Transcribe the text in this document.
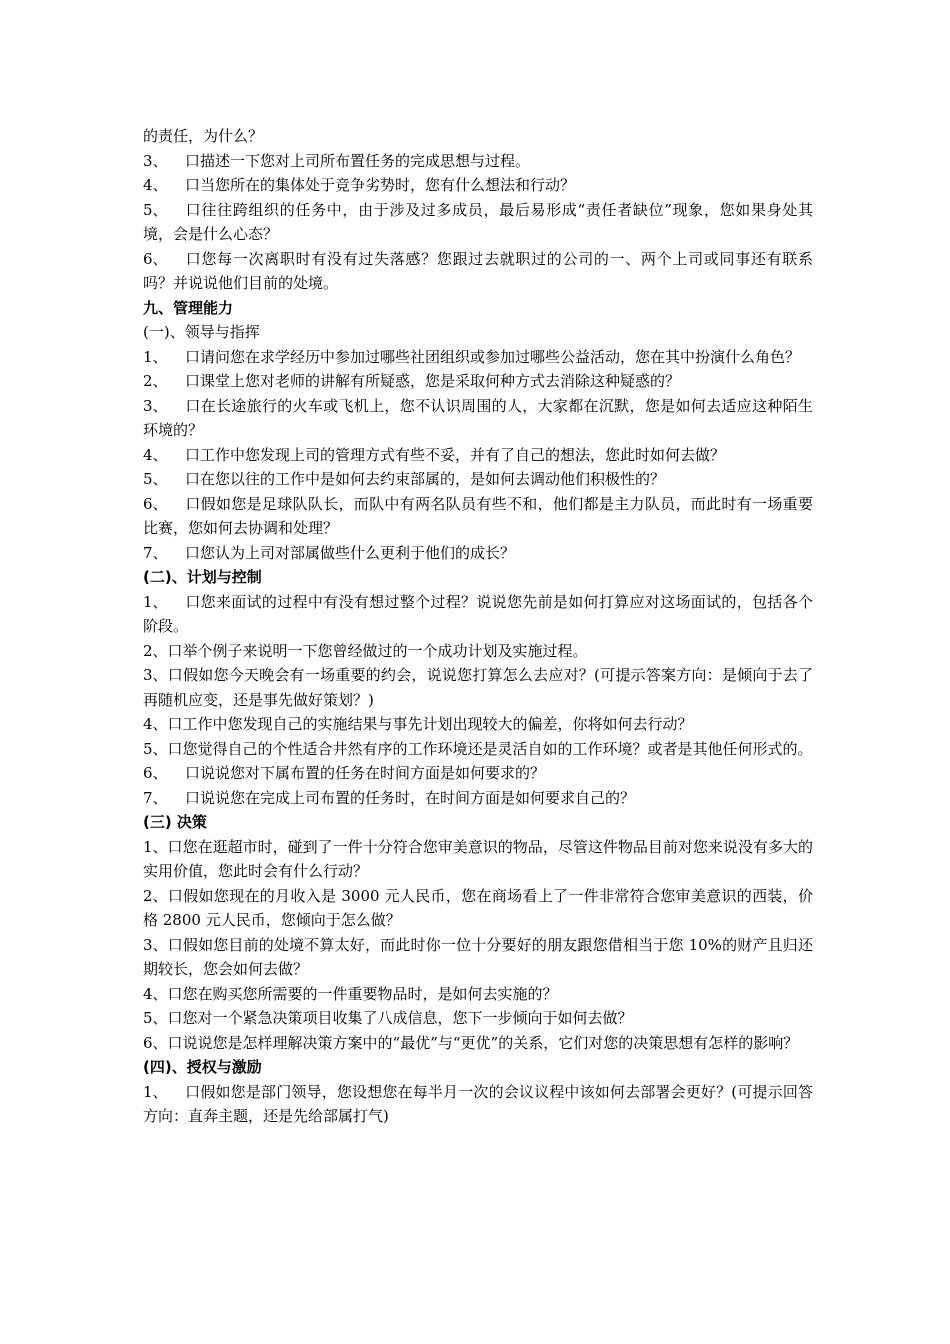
的责任，为什么？
3、 口描述一下您对上司所布置任务的完成思想与过程。
4、 口当您所在的集体处于竞争劣势时，您有什么想法和行动？
5、 口往往跨组织的任务中，由于涉及过多成员，最后易形成“责任者缺位”现象，您如果身处其境，会是什么心态？
6、 口您每一次离职时有没有过失落感？您跟过去就职过的公司的一、两个上司或同事还有联系吗？并说说他们目前的处境。
九、管理能力
(一)、领导与指挥
1、 口请问您在求学经历中参加过哪些社团组织或参加过哪些公益活动，您在其中扮演什么角色？
2、 口课堂上您对老师的讲解有所疑惑，您是采取何种方式去消除这种疑惑的？
3、 口在长途旅行的火车或飞机上，您不认识周围的人，大家都在沉默，您是如何去适应这种陌生环境的？
4、 口工作中您发现上司的管理方式有些不妥，并有了自己的想法，您此时如何去做？
5、 口在您以往的工作中是如何去约束部属的，是如何去调动他们积极性的？
6、 口假如您是足球队队长，而队中有两名队员有些不和，他们都是主力队员，而此时有一场重要比赛，您如何去协调和处理？
7、 口您认为上司对部属做些什么更利于他们的成长？
(二)、计划与控制
1、 口您来面试的过程中有没有想过整个过程？说说您先前是如何打算应对这场面试的，包括各个阶段。
2、口举个例子来说明一下您曾经做过的一个成功计划及实施过程。
3、口假如您今天晚会有一场重要的约会，说说您打算怎么去应对？(可提示答案方向：是倾向于去了再随机应变，还是事先做好策划？)
4、口工作中您发现自己的实施结果与事先计划出现较大的偏差，你将如何去行动？
5、口您觉得自己的个性适合井然有序的工作环境还是灵活自如的工作环境？或者是其他任何形式的。
6、 口说说您对下属布置的任务在时间方面是如何要求的？
7、 口说说您在完成上司布置的任务时，在时间方面是如何要求自己的？
(三) 决策
1、口您在逛超市时，碰到了一件十分符合您审美意识的物品，尽管这件物品目前对您来说没有多大的实用价值，您此时会有什么行动？
2、口假如您现在的月收入是 3000 元人民币，您在商场看上了一件非常符合您审美意识的西装，价格 2800 元人民币，您倾向于怎么做？
3、口假如您目前的处境不算太好，而此时你一位十分要好的朋友跟您借相当于您 10%的财产且归还期较长，您会如何去做？
4、口您在购买您所需要的一件重要物品时，是如何去实施的？
5、口您对一个紧急决策项目收集了八成信息，您下一步倾向于如何去做？
6、口说说您是怎样理解决策方案中的“最优”与“更优”的关系，它们对您的决策思想有怎样的影响？
(四)、授权与激励
1、 口假如您是部门领导，您设想您在每半月一次的会议议程中该如何去部署会更好？(可提示回答方向：直奔主题，还是先给部属打气)
